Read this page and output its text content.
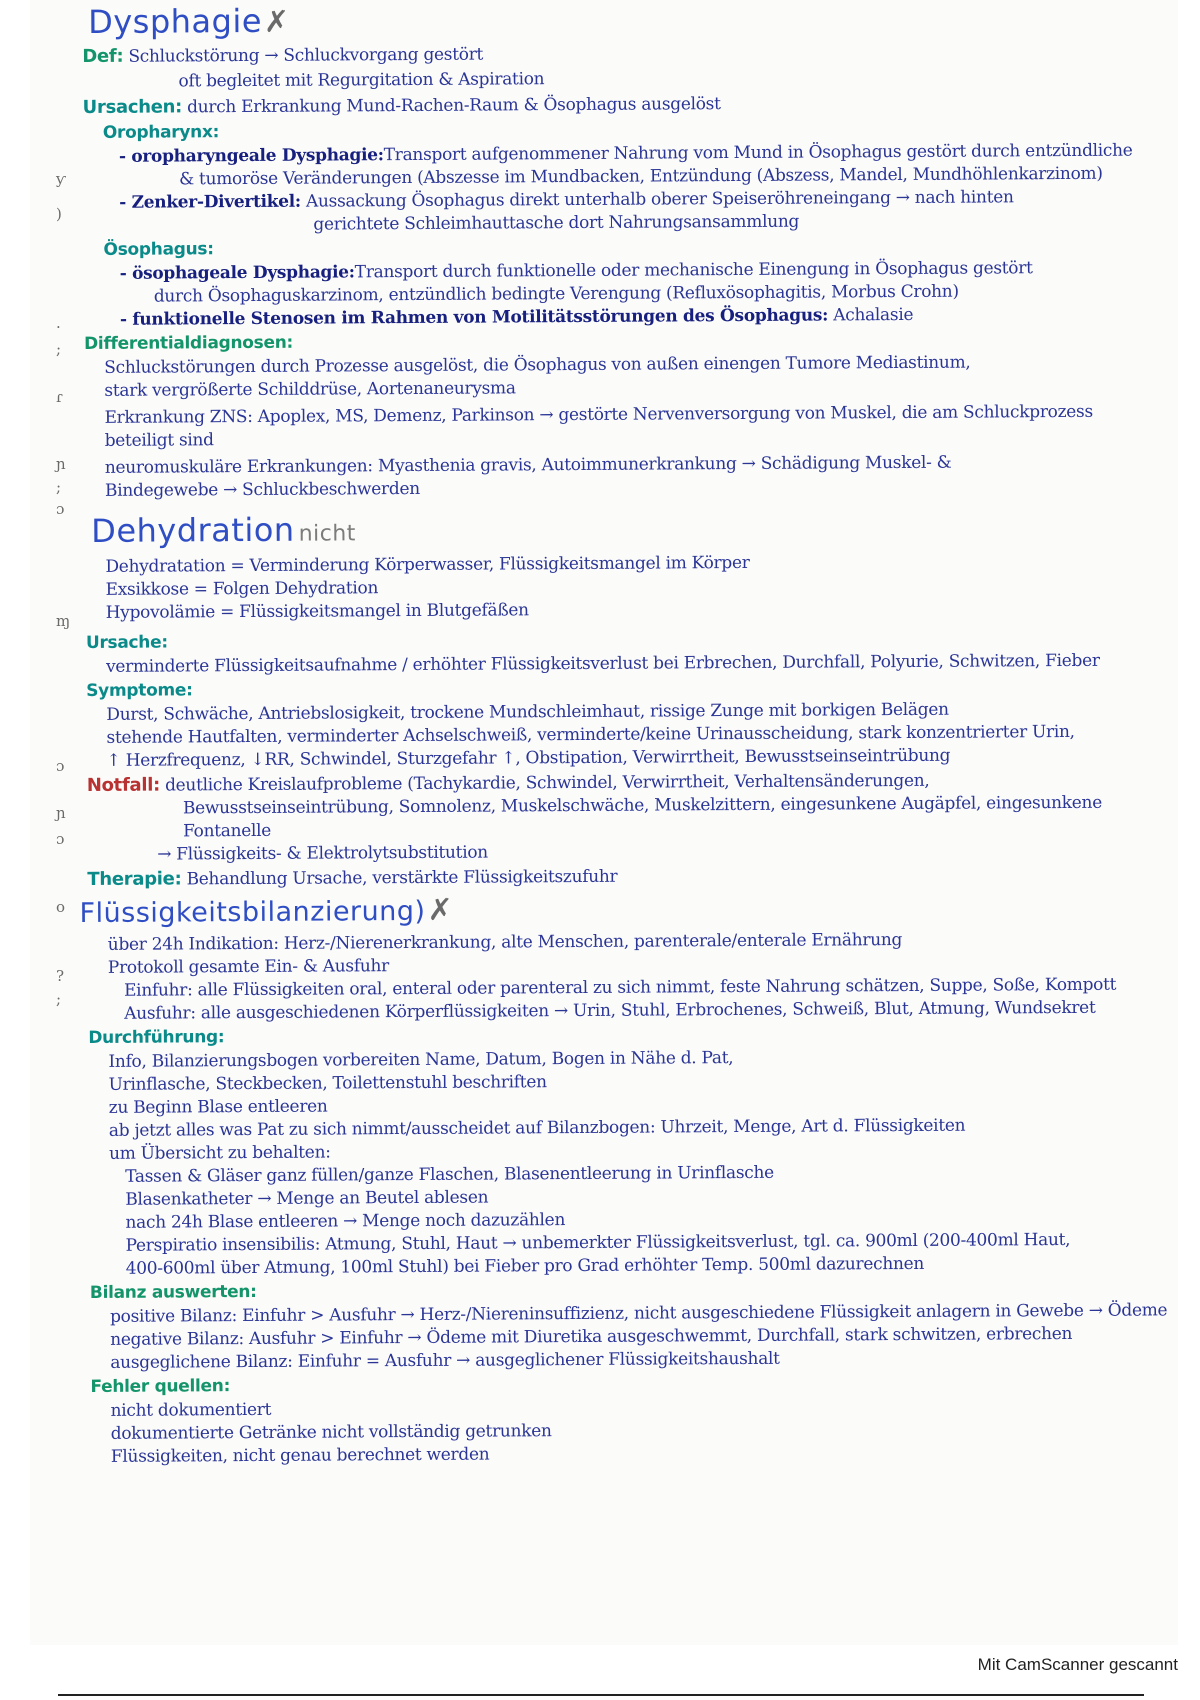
ƴ
)
·
;
ɾ
ɲ
;
ɔ
ɱ
ɔ
ɲ
ɔ
ο
?
;
Dysphagie✗
Def: Schluckstörung → Schluckvorgang gestört
oft begleitet mit Regurgitation & Aspiration
Ursachen: durch Erkrankung Mund-Rachen-Raum & Ösophagus ausgelöst
Oropharynx:
- oropharyngeale Dysphagie:Transport aufgenommener Nahrung vom Mund in Ösophagus gestört durch entzündliche
& tumoröse Veränderungen (Abszesse im Mundbacken, Entzündung (Abszess, Mandel, Mundhöhlenkarzinom)
- Zenker-Divertikel: Aussackung Ösophagus direkt unterhalb oberer Speiseröhreneingang → nach hinten
gerichtete Schleimhauttasche dort Nahrungsansammlung
Ösophagus:
- ösophageale Dysphagie:Transport durch funktionelle oder mechanische Einengung in Ösophagus gestört
durch Ösophaguskarzinom, entzündlich bedingte Verengung (Refluxösophagitis, Morbus Crohn)
- funktionelle Stenosen im Rahmen von Motilitätsstörungen des Ösophagus: Achalasie
Differentialdiagnosen:
Schluckstörungen durch Prozesse ausgelöst, die Ösophagus von außen einengen Tumore Mediastinum,
stark vergrößerte Schilddrüse, Aortenaneurysma
Erkrankung ZNS: Apoplex, MS, Demenz, Parkinson → gestörte Nervenversorgung von Muskel, die am Schluckprozess
beteiligt sind
neuromuskuläre Erkrankungen: Myasthenia gravis, Autoimmunerkrankung → Schädigung Muskel- &
Bindegewebe → Schluckbeschwerden
Dehydration nicht
Dehydratation = Verminderung Körperwasser, Flüssigkeitsmangel im Körper
Exsikkose = Folgen Dehydration
Hypovolämie = Flüssigkeitsmangel in Blutgefäßen
Ursache:
verminderte Flüssigkeitsaufnahme / erhöhter Flüssigkeitsverlust bei Erbrechen, Durchfall, Polyurie, Schwitzen, Fieber
Symptome:
Durst, Schwäche, Antriebslosigkeit, trockene Mundschleimhaut, rissige Zunge mit borkigen Belägen
stehende Hautfalten, verminderter Achselschweiß, verminderte/keine Urinausscheidung, stark konzentrierter Urin,
↑ Herzfrequenz, ↓RR, Schwindel, Sturzgefahr ↑, Obstipation, Verwirrtheit, Bewusstseinseintrübung
Notfall: deutliche Kreislaufprobleme (Tachykardie, Schwindel, Verwirrtheit, Verhaltensänderungen,
Bewusstseinseintrübung, Somnolenz, Muskelschwäche, Muskelzittern, eingesunkene Augäpfel, eingesunkene
Fontanelle
→ Flüssigkeits- & Elektrolytsubstitution
Therapie: Behandlung Ursache, verstärkte Flüssigkeitszufuhr
Flüssigkeitsbilanzierung)✗
über 24h Indikation: Herz-/Nierenerkrankung, alte Menschen, parenterale/enterale Ernährung
Protokoll gesamte Ein- & Ausfuhr
Einfuhr: alle Flüssigkeiten oral, enteral oder parenteral zu sich nimmt, feste Nahrung schätzen, Suppe, Soße, Kompott
Ausfuhr: alle ausgeschiedenen Körperflüssigkeiten → Urin, Stuhl, Erbrochenes, Schweiß, Blut, Atmung, Wundsekret
Durchführung:
Info, Bilanzierungsbogen vorbereiten Name, Datum, Bogen in Nähe d. Pat,
Urinflasche, Steckbecken, Toilettenstuhl beschriften
zu Beginn Blase entleeren
ab jetzt alles was Pat zu sich nimmt/ausscheidet auf Bilanzbogen: Uhrzeit, Menge, Art d. Flüssigkeiten
um Übersicht zu behalten:
Tassen & Gläser ganz füllen/ganze Flaschen, Blasenentleerung in Urinflasche
Blasenkatheter → Menge an Beutel ablesen
nach 24h Blase entleeren → Menge noch dazuzählen
Perspiratio insensibilis: Atmung, Stuhl, Haut → unbemerkter Flüssigkeitsverlust, tgl. ca. 900ml (200-400ml Haut,
400-600ml über Atmung, 100ml Stuhl) bei Fieber pro Grad erhöhter Temp. 500ml dazurechnen
Bilanz auswerten:
positive Bilanz: Einfuhr > Ausfuhr → Herz-/Niereninsuffizienz, nicht ausgeschiedene Flüssigkeit anlagern in Gewebe → Ödeme
negative Bilanz: Ausfuhr > Einfuhr → Ödeme mit Diuretika ausgeschwemmt, Durchfall, stark schwitzen, erbrechen
ausgeglichene Bilanz: Einfuhr = Ausfuhr → ausgeglichener Flüssigkeitshaushalt
Fehler quellen:
nicht dokumentiert
dokumentierte Getränke nicht vollständig getrunken
Flüssigkeiten, nicht genau berechnet werden
Mit CamScanner gescannt
